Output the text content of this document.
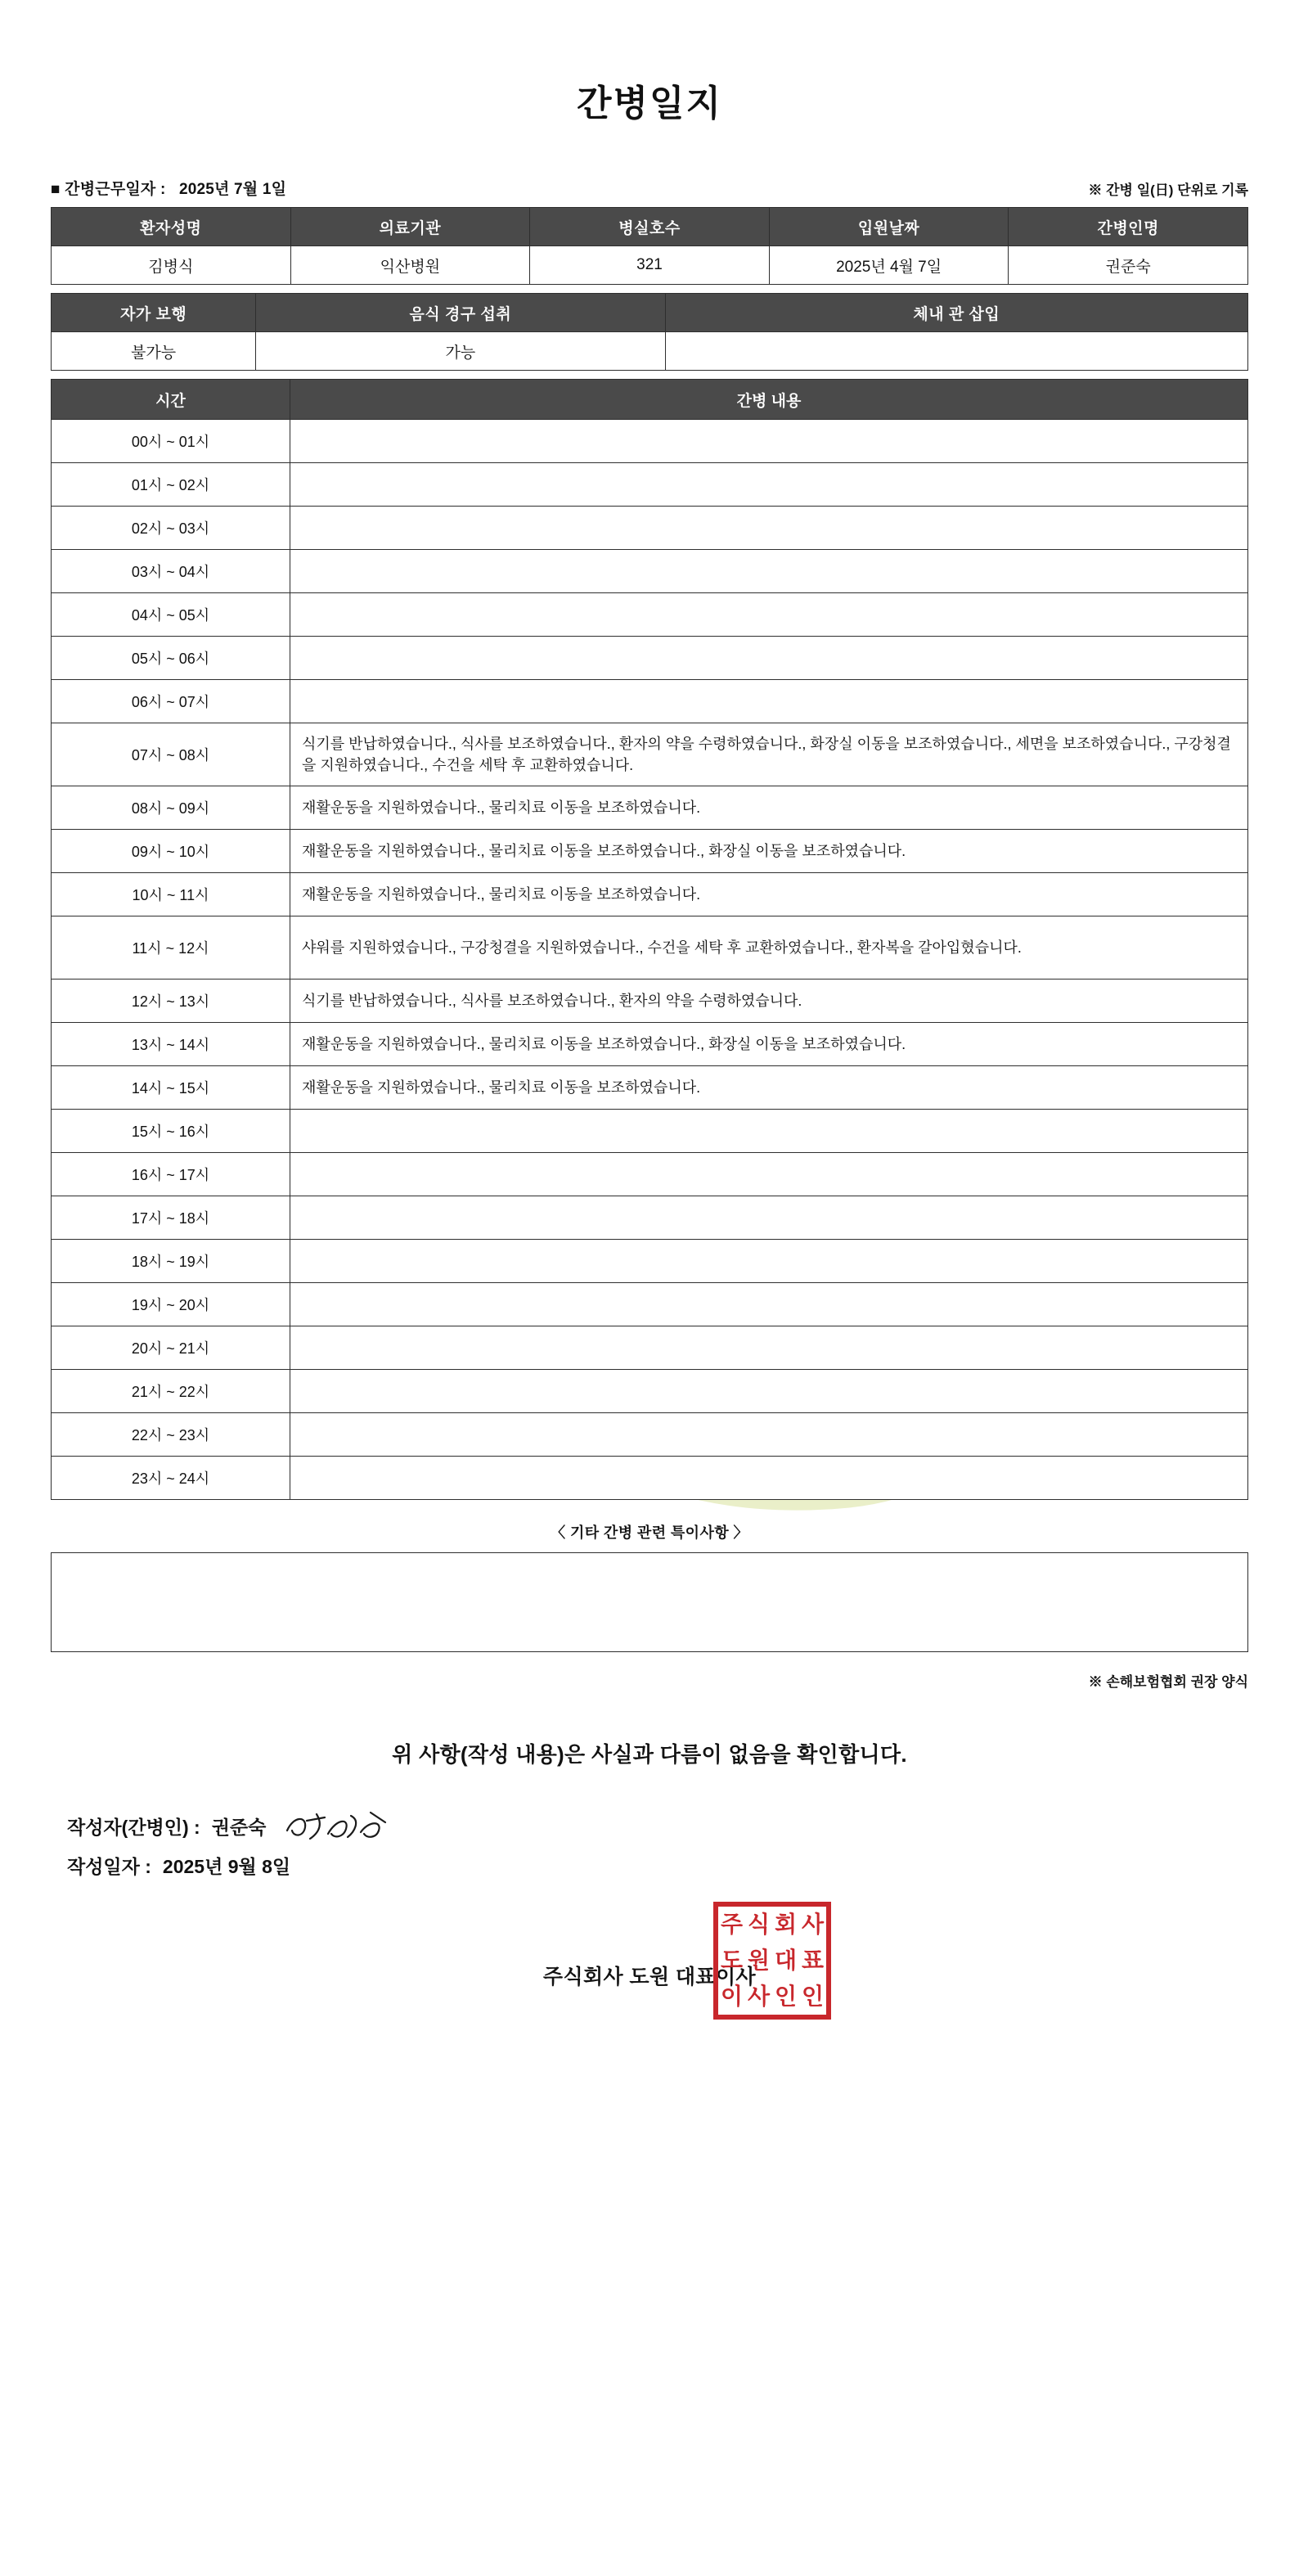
간병일지
■ 간병근무일자 : 2025년 7월 1일	※ 간병 일(日) 단위로 기록
환자성명	의료기관	병실호수	입원날짜	간병인명
김병식	익산병원	321	2025년 4월 7일	권준숙
자가 보행	음식 경구 섭취	체내 관 삽입
불가능	가능	
시간	간병 내용
00시 ~ 01시	
01시 ~ 02시	
02시 ~ 03시	
03시 ~ 04시	
04시 ~ 05시	
05시 ~ 06시	
06시 ~ 07시	
07시 ~ 08시	식기를 반납하였습니다., 식사를 보조하였습니다., 환자의 약을 수령하였습니다., 화장실 이동을 보조하였습니다., 세면을 보조하였습니다., 구강청결을 지원하였습니다., 수건을 세탁 후 교환하였습니다.
08시 ~ 09시	재활운동을 지원하였습니다., 물리치료 이동을 보조하였습니다.
09시 ~ 10시	재활운동을 지원하였습니다., 물리치료 이동을 보조하였습니다., 화장실 이동을 보조하였습니다.
10시 ~ 11시	재활운동을 지원하였습니다., 물리치료 이동을 보조하였습니다.
11시 ~ 12시	샤워를 지원하였습니다., 구강청결을 지원하였습니다., 수건을 세탁 후 교환하였습니다., 환자복을 갈아입혔습니다.
12시 ~ 13시	식기를 반납하였습니다., 식사를 보조하였습니다., 환자의 약을 수령하였습니다.
13시 ~ 14시	재활운동을 지원하였습니다., 물리치료 이동을 보조하였습니다., 화장실 이동을 보조하였습니다.
14시 ~ 15시	재활운동을 지원하였습니다., 물리치료 이동을 보조하였습니다.
15시 ~ 16시	
16시 ~ 17시	
17시 ~ 18시	
18시 ~ 19시	
19시 ~ 20시	
20시 ~ 21시	
21시 ~ 22시	
22시 ~ 23시	
23시 ~ 24시	
〈 기타 간병 관련 특이사항 〉
※ 손해보험협회 권장 양식
위 사항(작성 내용)은 사실과 다름이 없음을 확인합니다.
작성자(간병인) : 권준숙
작성일자 : 2025년 9월 8일
주식회사 도원 대표이사
주 식 회 사
도 원 대 표
이 사 인 인
